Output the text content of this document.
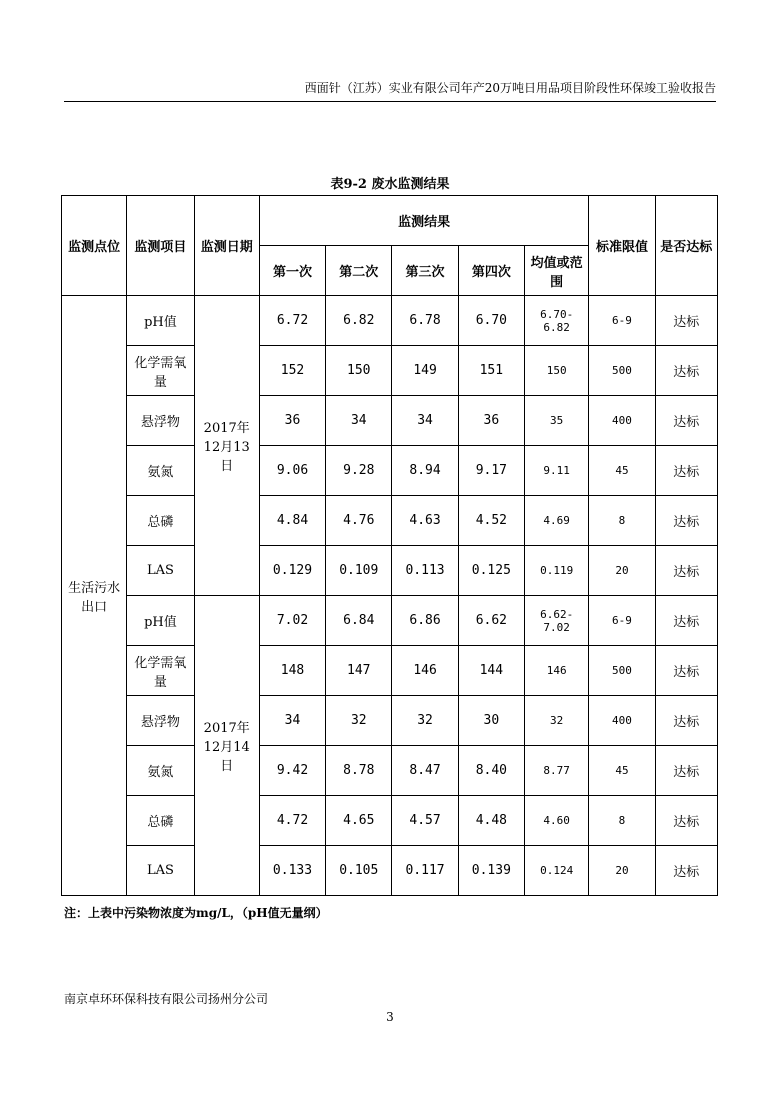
西面针（江苏）实业有限公司年产20万吨日用品项目阶段性环保竣工验收报告
表9-2 废水监测结果
监测点位	监测项目	监测日期	监测结果					标准限值	是否达标
			第一次	第二次	第三次	第四次	均值或范围		
生活污水出口	pH值	2017年12月13日	6.72	6.82	6.78	6.70	6.70-6.82	6-9	达标
	化学需氧量		152	150	149	151	150	500	达标
	悬浮物		36	34	34	36	35	400	达标
	氨氮		9.06	9.28	8.94	9.17	9.11	45	达标
	总磷		4.84	4.76	4.63	4.52	4.69	8	达标
	LAS		0.129	0.109	0.113	0.125	0.119	20	达标
	pH值	2017年12月14日	7.02	6.84	6.86	6.62	6.62-7.02	6-9	达标
	化学需氧量		148	147	146	144	146	500	达标
	悬浮物		34	32	32	30	32	400	达标
	氨氮		9.42	8.78	8.47	8.40	8.77	45	达标
	总磷		4.72	4.65	4.57	4.48	4.60	8	达标
	LAS		0.133	0.105	0.117	0.139	0.124	20	达标
注：上表中污染物浓度为mg/L，（pH值无量纲）
南京卓环环保科技有限公司扬州分公司
3
